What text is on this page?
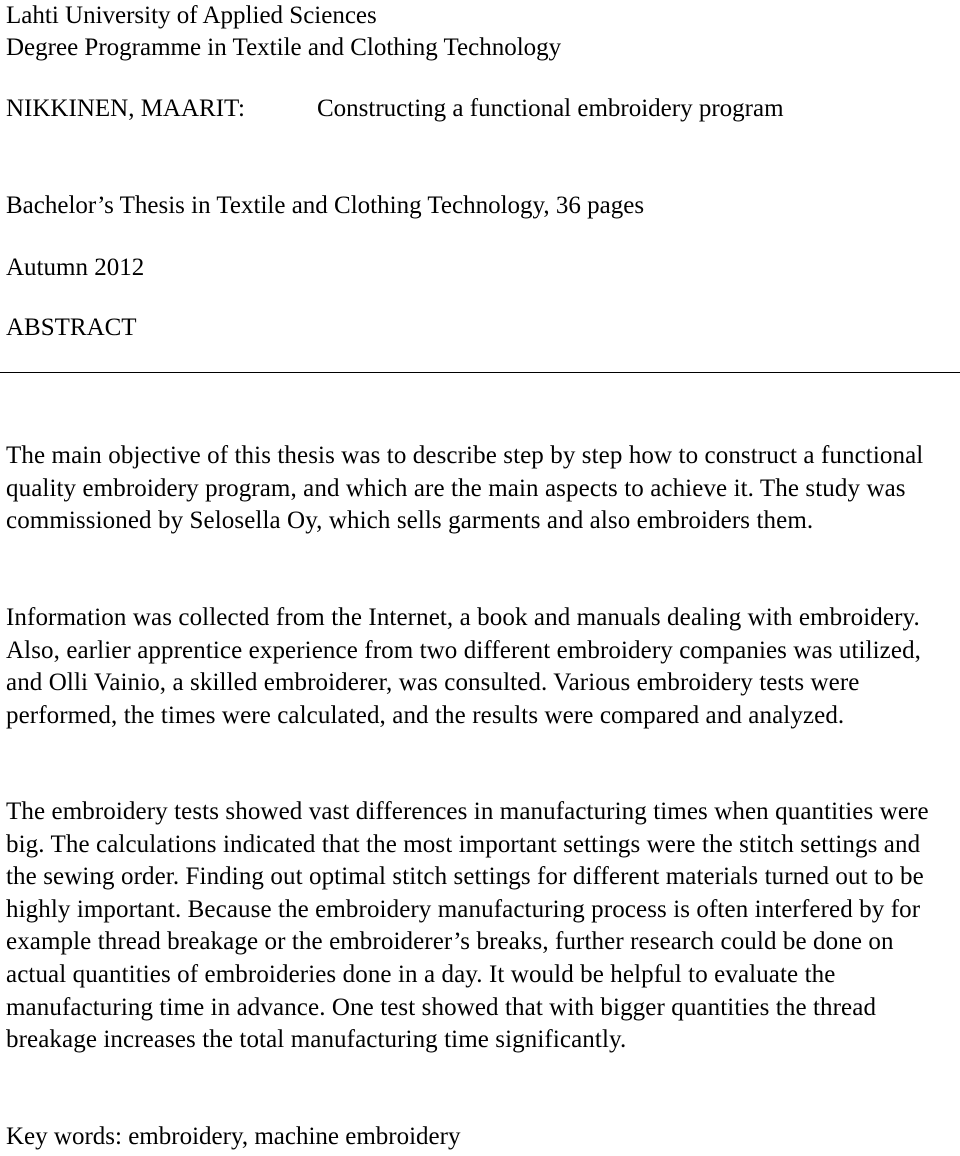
Lahti University of Applied Sciences

Degree Programme in Textile and Clothing Technology

NIKKINEN, MAARIT:	Constructing a functional embroidery program

Bachelor’s Thesis in Textile and Clothing Technology, 36 pages

Autumn 2012

ABSTRACT

The main objective of this thesis was to describe step by step how to construct a functional quality embroidery program, and which are the main aspects to achieve it. The study was commissioned by Selosella Oy, which sells garments and also embroiders them.

Information was collected from the Internet, a book and manuals dealing with embroidery. Also, earlier apprentice experience from two different embroidery companies was utilized, and Olli Vainio, a skilled embroiderer, was consulted. Various embroidery tests were performed, the times were calculated, and the results were compared and analyzed.

The embroidery tests showed vast differences in manufacturing times when quantities were big. The calculations indicated that the most important settings were the stitch settings and the sewing order. Finding out optimal stitch settings for different materials turned out to be highly important. Because the embroidery manufacturing process is often interfered by for example thread breakage or the embroiderer’s breaks, further research could be done on actual quantities of embroideries done in a day. It would be helpful to evaluate the manufacturing time in advance. One test showed that with bigger quantities the thread breakage increases the total manufacturing time significantly.

Key words: embroidery, machine embroidery
